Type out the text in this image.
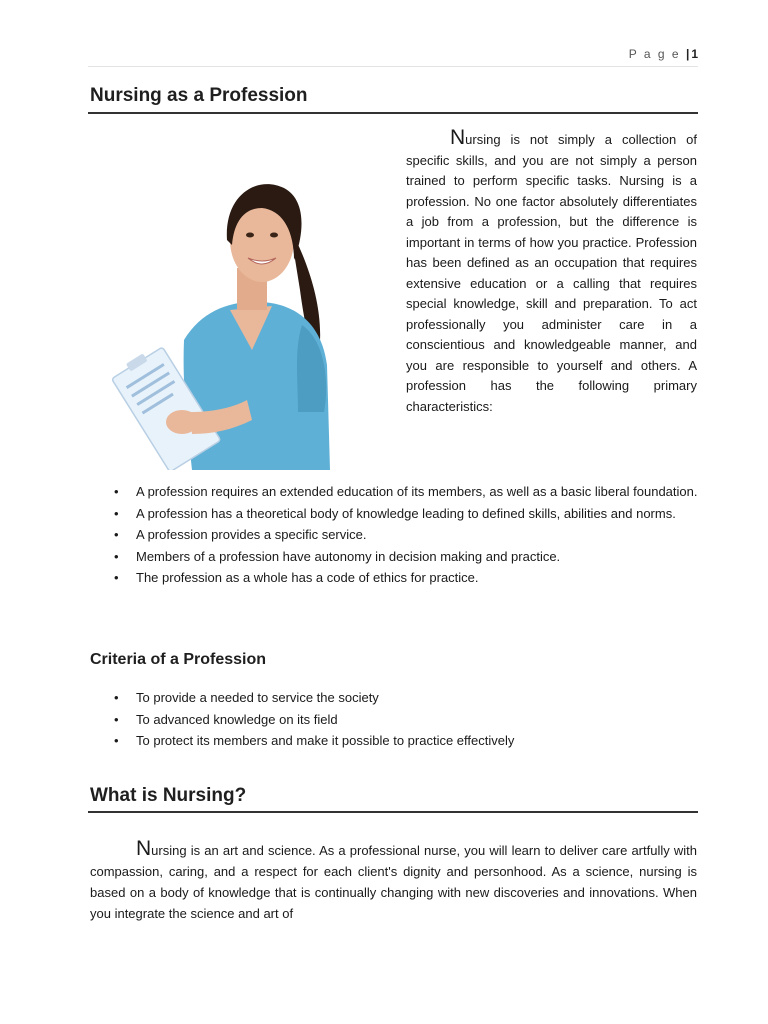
P a g e |1
Nursing as a Profession

Nursing is not simply a collection of specific skills, and you are not simply a person trained to perform specific tasks. Nursing is a profession. No one factor absolutely differentiates a job from a profession, but the difference is important in terms of how you practice. Profession has been defined as an occupation that requires extensive education or a calling that requires special knowledge, skill and preparation. To act professionally you administer care in a conscientious and knowledgeable manner, and you are responsible to yourself and others. A profession has the following primary characteristics:

• A profession requires an extended education of its members, as well as a basic liberal foundation.
• A profession has a theoretical body of knowledge leading to defined skills, abilities and norms.
• A profession provides a specific service.
• Members of a profession have autonomy in decision making and practice.
• The profession as a whole has a code of ethics for practice.
Criteria of a Profession
• To provide a needed to service the society
• To advanced knowledge on its field
• To protect its members and make it possible to practice effectively
What is Nursing?

Nursing is an art and science. As a professional nurse, you will learn to deliver care artfully with compassion, caring, and a respect for each client's dignity and personhood. As a science, nursing is based on a body of knowledge that is continually changing with new discoveries and innovations. When you integrate the science and art of
